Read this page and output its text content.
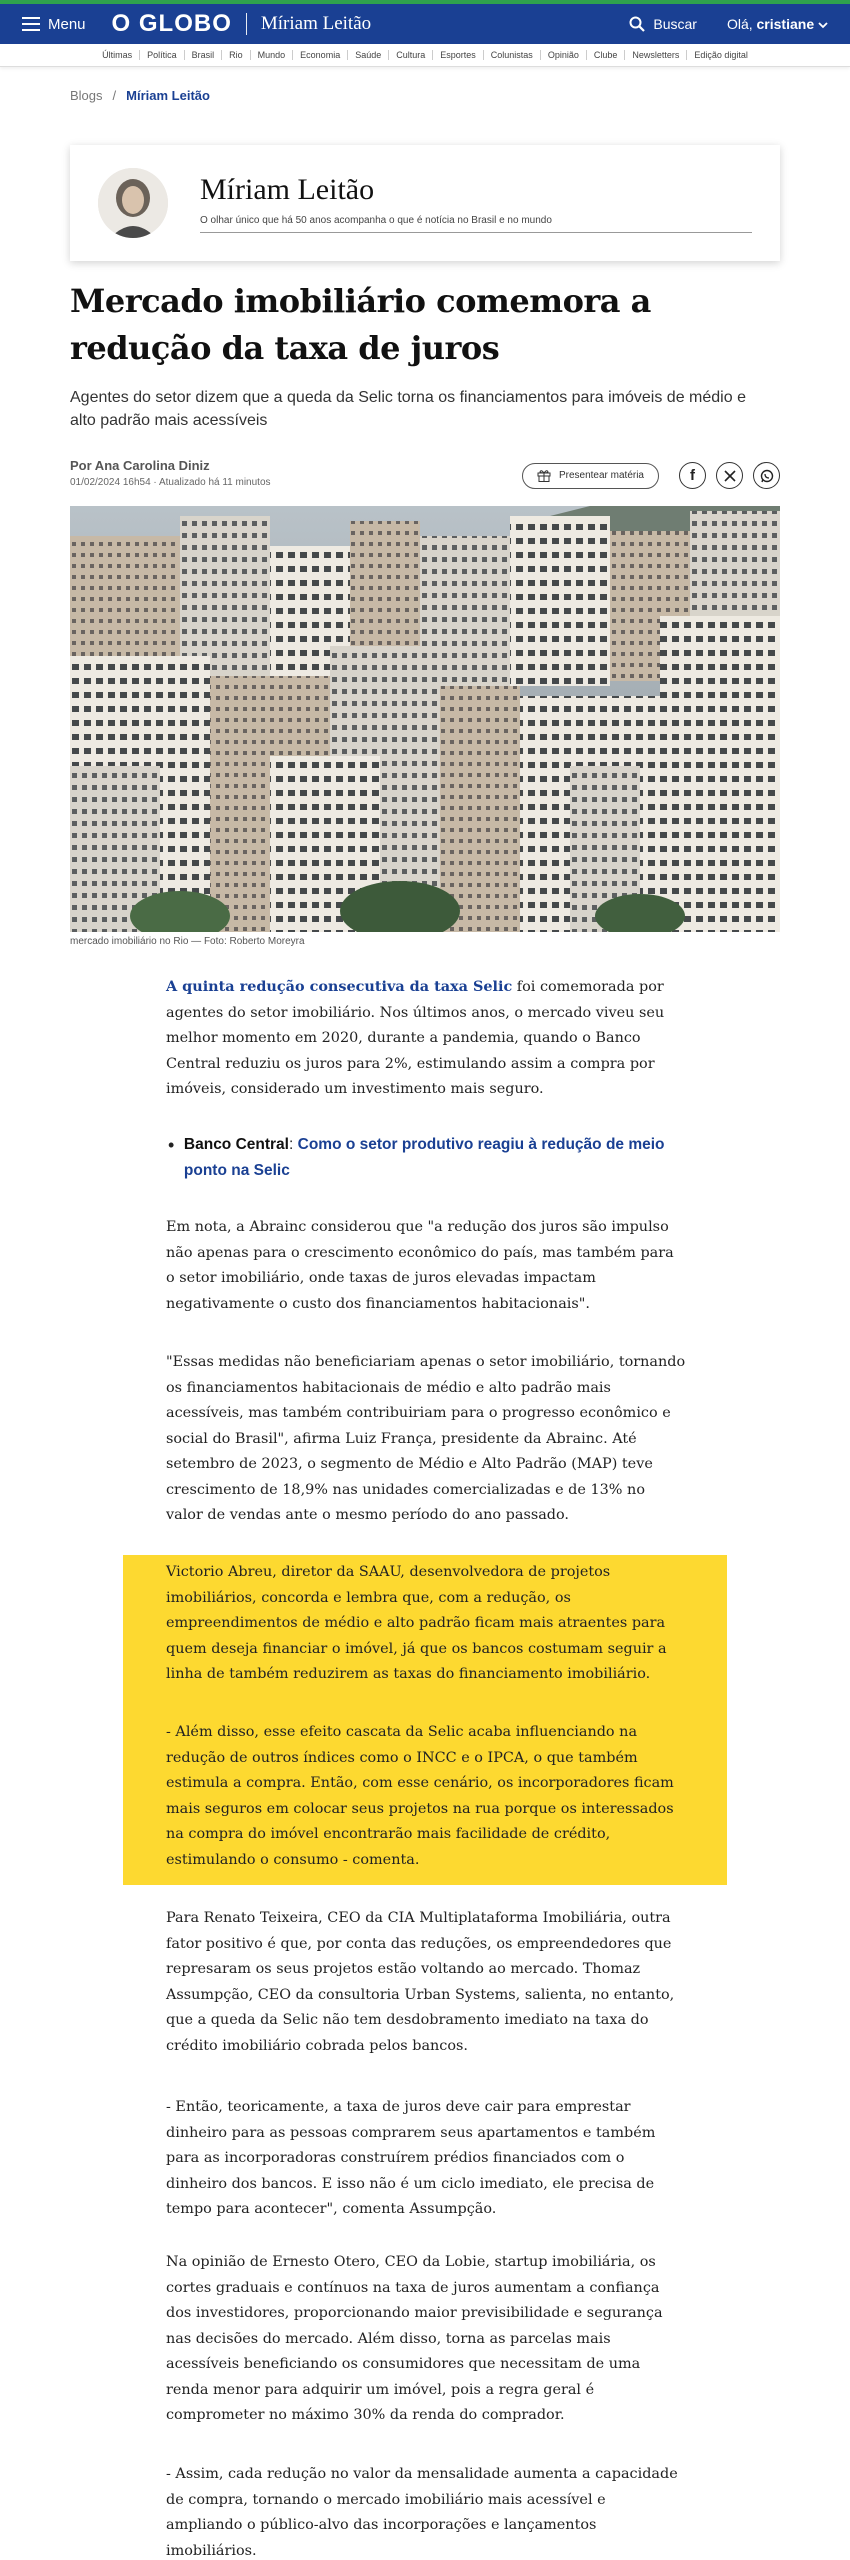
Menu O GLOBO Míriam Leitão	Buscar Olá, cristiane
Últimas	Política	Brasil	Rio	Mundo	Economia	Saúde	Cultura	Esportes	Colunistas	Opinião	Clube	Newsletters	Edição digital
Blogs / Míriam Leitão
Míriam Leitão
O olhar único que há 50 anos acompanha o que é notícia no Brasil e no mundo
Mercado imobiliário comemora a redução da taxa de juros

Agentes do setor dizem que a queda da Selic torna os financiamentos para imóveis de médio e alto padrão mais acessíveis

Por Ana Carolina Diniz
01/02/2024 16h54 · Atualizado há 11 minutos
Presentear matéria	f
mercado imobiliário no Rio — Foto: Roberto Moreyra

A quinta redução consecutiva da taxa Selic foi comemorada por agentes do setor imobiliário. Nos últimos anos, o mercado viveu seu melhor momento em 2020, durante a pandemia, quando o Banco Central reduziu os juros para 2%, estimulando assim a compra por imóveis, considerado um investimento mais seguro.

• Banco Central: Como o setor produtivo reagiu à redução de meio ponto na Selic

Em nota, a Abrainc considerou que "a redução dos juros são impulso não apenas para o crescimento econômico do país, mas também para o setor imobiliário, onde taxas de juros elevadas impactam negativamente o custo dos financiamentos habitacionais".

"Essas medidas não beneficiariam apenas o setor imobiliário, tornando os financiamentos habitacionais de médio e alto padrão mais acessíveis, mas também contribuiriam para o progresso econômico e social do Brasil", afirma Luiz França, presidente da Abrainc. Até setembro de 2023, o segmento de Médio e Alto Padrão (MAP) teve crescimento de 18,9% nas unidades comercializadas e de 13% no valor de vendas ante o mesmo período do ano passado.

Victorio Abreu, diretor da SAAU, desenvolvedora de projetos imobiliários, concorda e lembra que, com a redução, os empreendimentos de médio e alto padrão ficam mais atraentes para quem deseja financiar o imóvel, já que os bancos costumam seguir a linha de também reduzirem as taxas do financiamento imobiliário.

- Além disso, esse efeito cascata da Selic acaba influenciando na redução de outros índices como o INCC e o IPCA, o que também estimula a compra. Então, com esse cenário, os incorporadores ficam mais seguros em colocar seus projetos na rua porque os interessados na compra do imóvel encontrarão mais facilidade de crédito, estimulando o consumo - comenta.

Para Renato Teixeira, CEO da CIA Multiplataforma Imobiliária, outra fator positivo é que, por conta das reduções, os empreendedores que represaram os seus projetos estão voltando ao mercado. Thomaz Assumpção, CEO da consultoria Urban Systems, salienta, no entanto, que a queda da Selic não tem desdobramento imediato na taxa do crédito imobiliário cobrada pelos bancos.

- Então, teoricamente, a taxa de juros deve cair para emprestar dinheiro para as pessoas comprarem seus apartamentos e também para as incorporadoras construírem prédios financiados com o dinheiro dos bancos. E isso não é um ciclo imediato, ele precisa de tempo para acontecer", comenta Assumpção.

Na opinião de Ernesto Otero, CEO da Lobie, startup imobiliária, os cortes graduais e contínuos na taxa de juros aumentam a confiança dos investidores, proporcionando maior previsibilidade e segurança nas decisões do mercado. Além disso, torna as parcelas mais acessíveis beneficiando os consumidores que necessitam de uma renda menor para adquirir um imóvel, pois a regra geral é comprometer no máximo 30% da renda do comprador.

- Assim, cada redução no valor da mensalidade aumenta a capacidade de compra, tornando o mercado imobiliário mais acessível e ampliando o público-alvo das incorporações e lançamentos imobiliários.
